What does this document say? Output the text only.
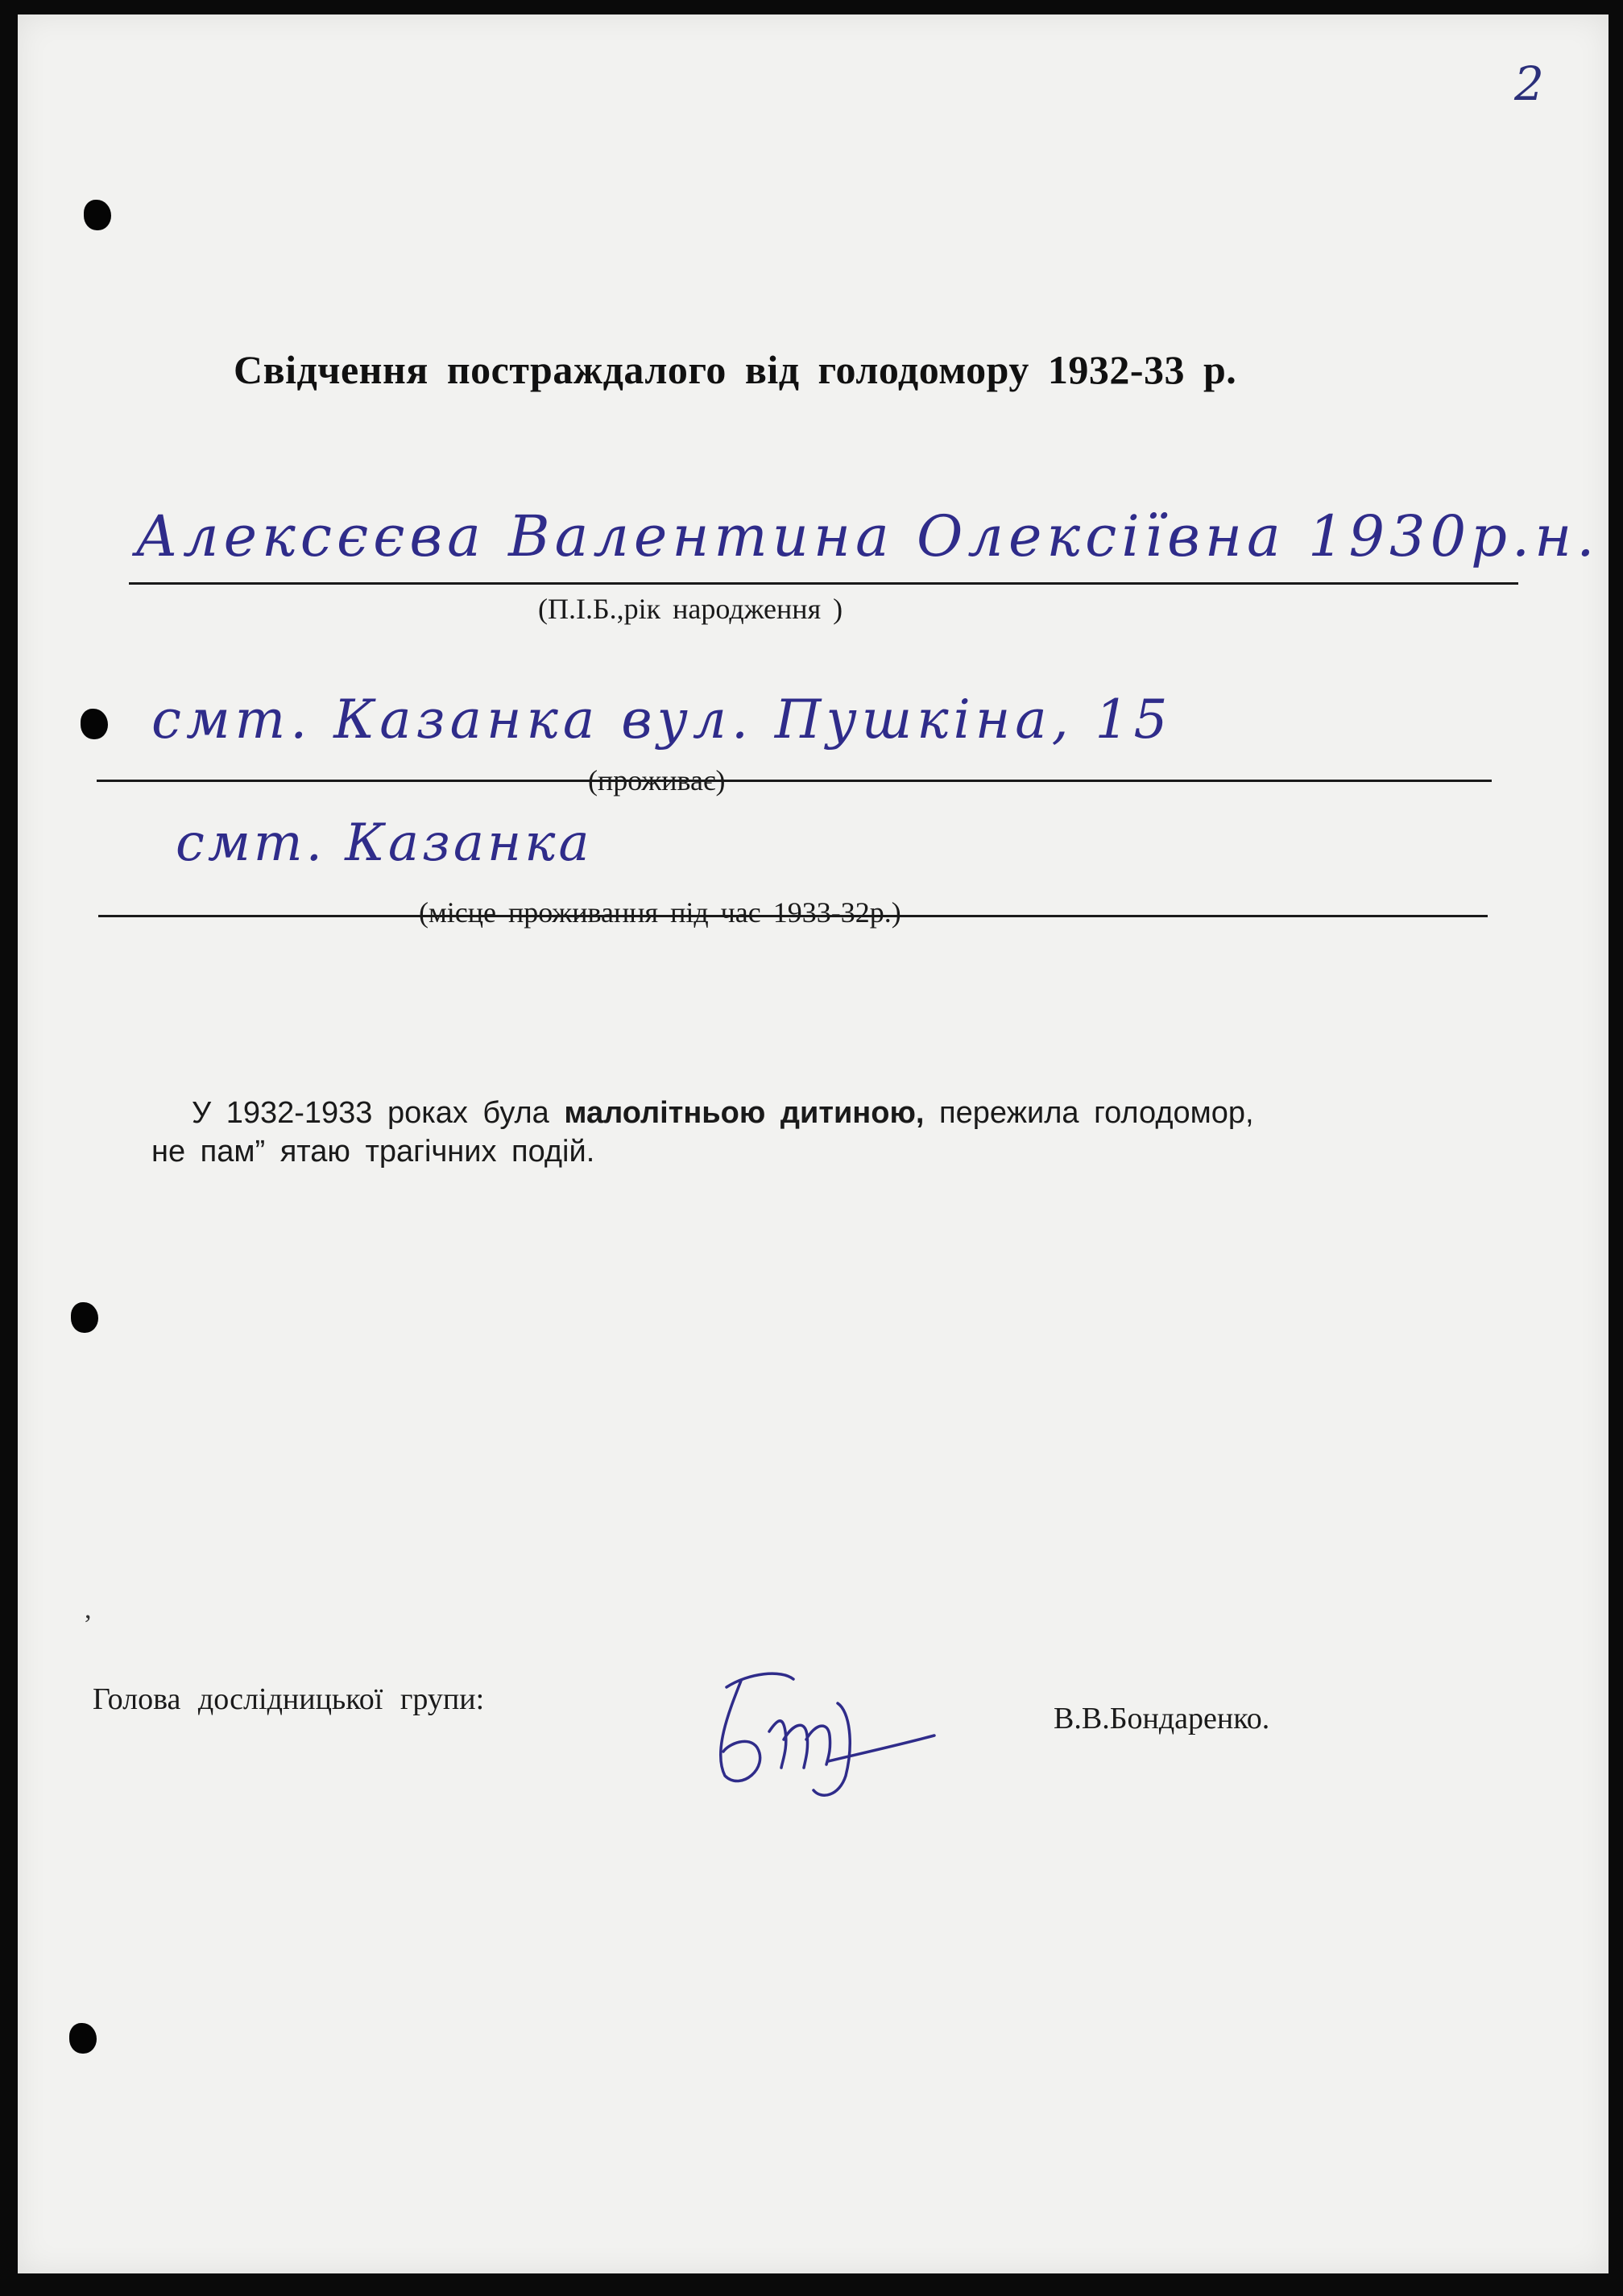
2
Свідчення постраждалого від голодомору 1932-33 р.
Алексєєва Валентина Олексіївна 1930р.н.
(П.І.Б.,рік народження )
смт. Казанка вул. Пушкіна, 15
(проживає)
смт. Казанка
(місце проживання під час 1933-32р.)

У 1932-1933 роках була малолітньою дитиною, пережила голодомор,

не пам” ятаю трагічних подій.

,
Голова дослідницької групи:
В.В.Бондаренко.
